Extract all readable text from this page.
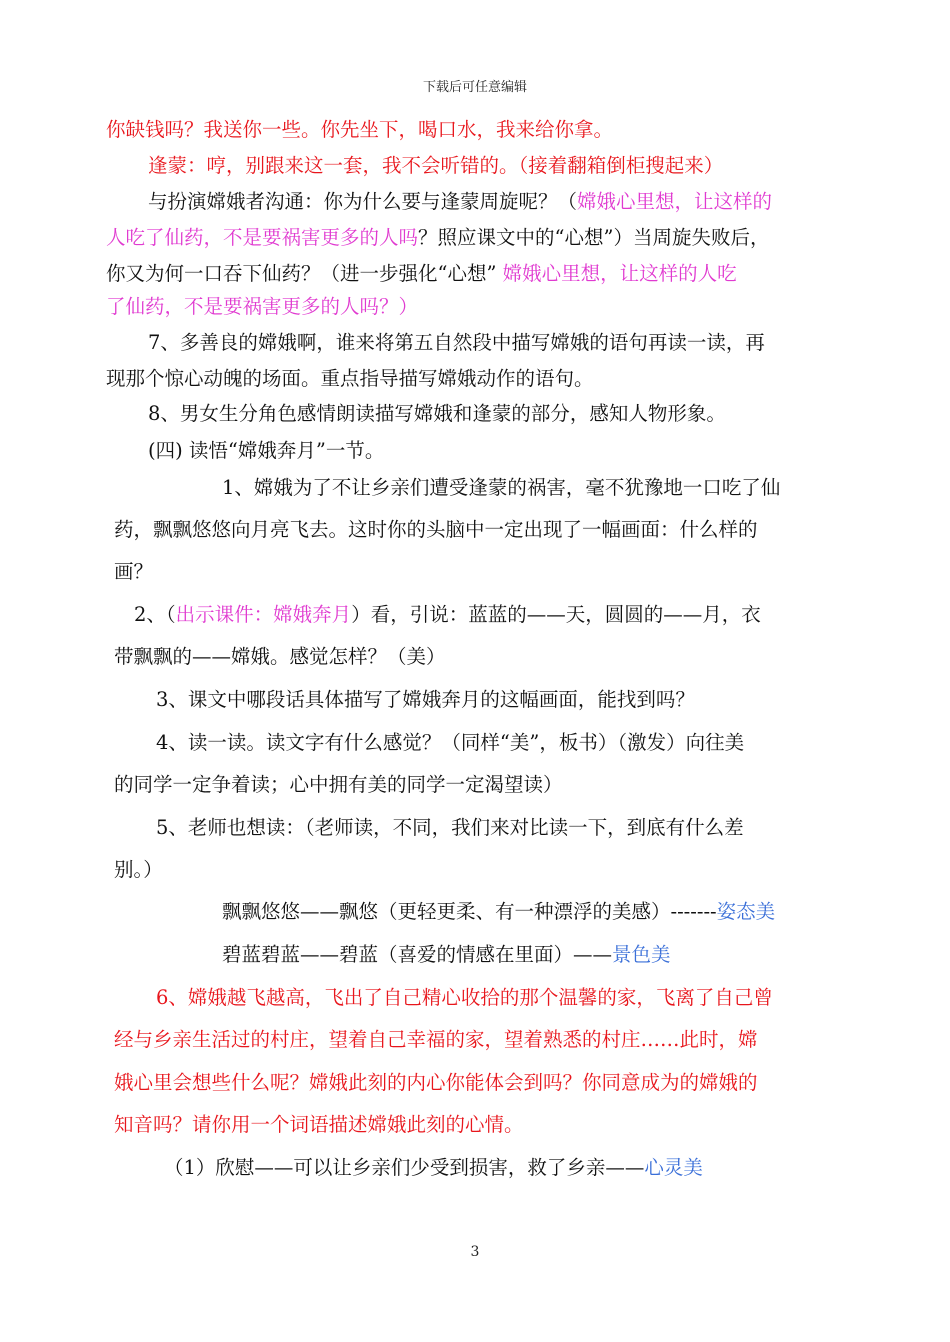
下载后可任意编辑
你缺钱吗？我送你一些。你先坐下，喝口水，我来给你拿。
逢蒙：哼，别跟来这一套，我不会听错的。（接着翻箱倒柜搜起来）
与扮演嫦娥者沟通：你为什么要与逢蒙周旋呢？（嫦娥心里想，让这样的
人吃了仙药，不是要祸害更多的人吗？照应课文中的“心想”）当周旋失败后，
你又为何一口吞下仙药？（进一步强化“心想” 嫦娥心里想，让这样的人吃
了仙药，不是要祸害更多的人吗？）
7、多善良的嫦娥啊，谁来将第五自然段中描写嫦娥的语句再读一读，再
现那个惊心动魄的场面。重点指导描写嫦娥动作的语句。
8、男女生分角色感情朗读描写嫦娥和逢蒙的部分，感知人物形象。
(四) 读悟“嫦娥奔月”一节。
1、嫦娥为了不让乡亲们遭受逢蒙的祸害，毫不犹豫地一口吃了仙
药，飘飘悠悠向月亮飞去。这时你的头脑中一定出现了一幅画面：什么样的
画？
2、（出示课件：嫦娥奔月）看，引说：蓝蓝的——天，圆圆的——月，衣
带飘飘的——嫦娥。感觉怎样？（美）
3、课文中哪段话具体描写了嫦娥奔月的这幅画面，能找到吗？
4、读一读。读文字有什么感觉？（同样“美”，板书）（激发）向往美
的同学一定争着读；心中拥有美的同学一定渴望读）
5、老师也想读：（老师读，不同，我们来对比读一下，到底有什么差
别。）
飘飘悠悠——飘悠（更轻更柔、有一种漂浮的美感）-------姿态美
碧蓝碧蓝——碧蓝（喜爱的情感在里面）——景色美
6、嫦娥越飞越高，飞出了自己精心收拾的那个温馨的家，飞离了自己曾
经与乡亲生活过的村庄，望着自己幸福的家，望着熟悉的村庄……此时，嫦
娥心里会想些什么呢？嫦娥此刻的内心你能体会到吗？你同意成为的嫦娥的
知音吗？请你用一个词语描述嫦娥此刻的心情。
（1）欣慰——可以让乡亲们少受到损害，救了乡亲——心灵美
3
